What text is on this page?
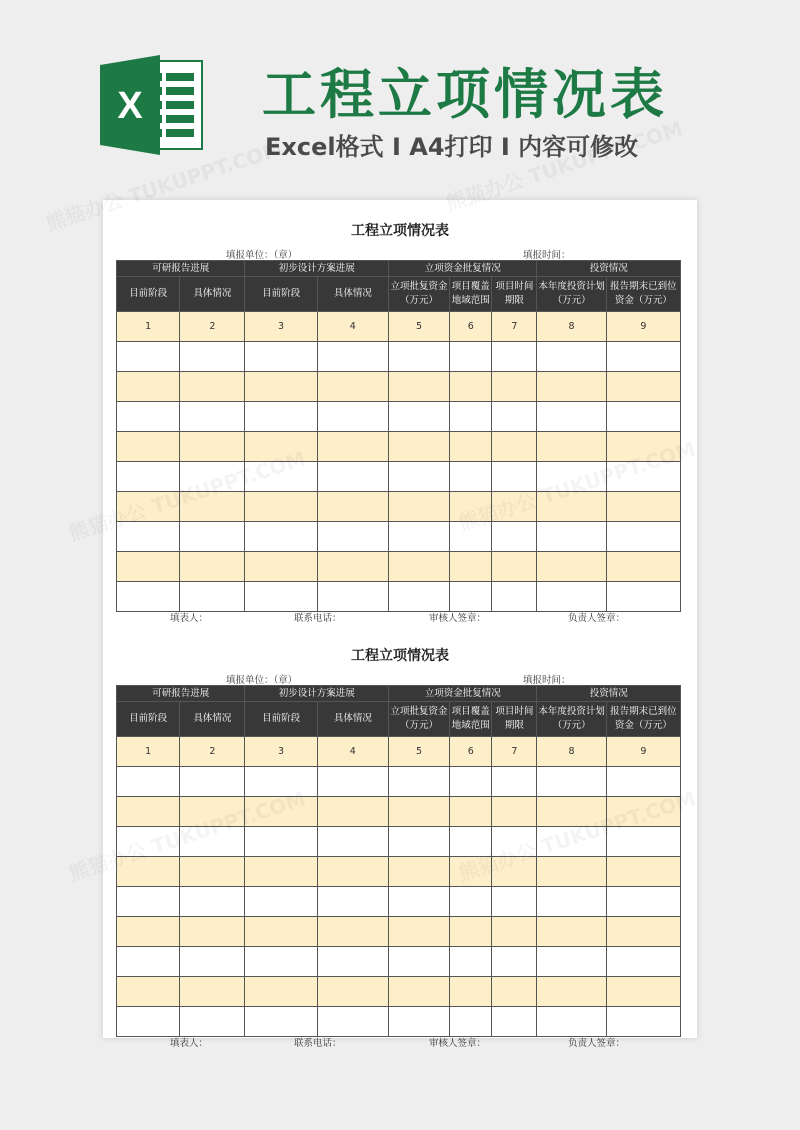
X 工程立项情况表
Excel格式 I A4打印 I 内容可修改
工程立项情况表
填报单位：（章）	填报时间：
可研报告进展		初步设计方案进展		立项资金批复情况			投资情况	
目前阶段	具体情况	目前阶段	具体情况	立项批复资金（万元）	项目覆盖地域范围	项目时间期限	本年度投资计划（万元）	报告期末已到位资金（万元）
1	2	3	4	5	6	7	8	9

填表人：	联系电话：	审核人签章：	负责人签章：
工程立项情况表
填报单位：（章）	填报时间：
可研报告进展		初步设计方案进展		立项资金批复情况			投资情况	
目前阶段	具体情况	目前阶段	具体情况	立项批复资金（万元）	项目覆盖地域范围	项目时间期限	本年度投资计划（万元）	报告期末已到位资金（万元）
1	2	3	4	5	6	7	8	9

填表人：	联系电话：	审核人签章：	负责人签章：
